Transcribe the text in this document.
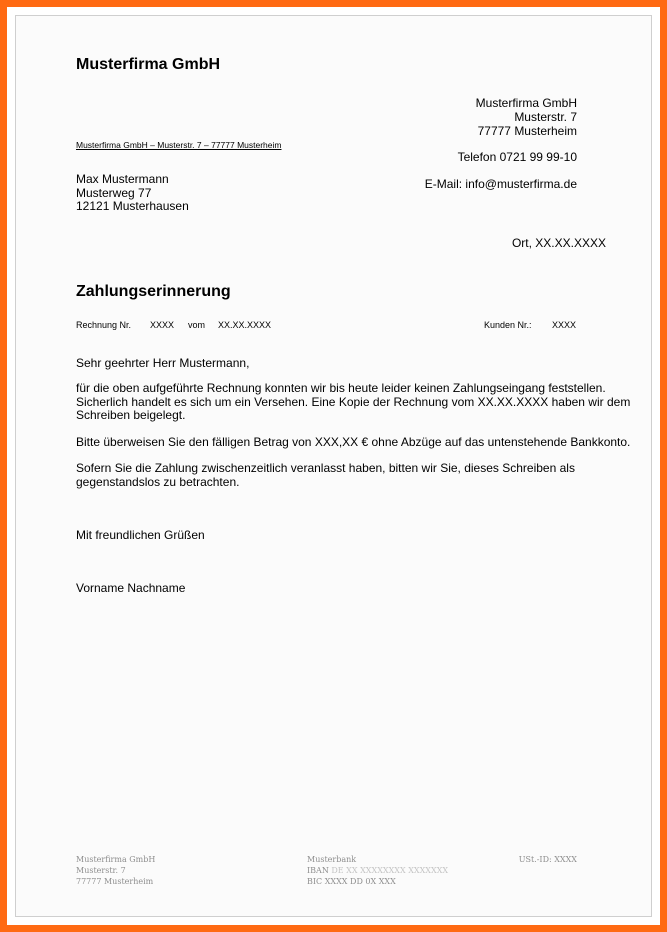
Musterfirma GmbH
Musterfirma GmbH
Musterstr. 7
77777 Musterheim
Musterfirma GmbH – Musterstr. 7 – 77777 Musterheim
Telefon 0721 99 99-10
Max Mustermann
Musterweg 77
12121 Musterhausen
E-Mail: info@musterfirma.de
Ort, XX.XX.XXXX
Zahlungserinnerung
Rechnung Nr. XXXX vom XX.XX.XXXX	Kunden Nr.: XXXX
Sehr geehrter Herr Mustermann,
für die oben aufgeführte Rechnung konnten wir bis heute leider keinen Zahlungseingang feststellen. Sicherlich handelt es sich um ein Versehen. Eine Kopie der Rechnung vom XX.XX.XXXX haben wir dem Schreiben beigelegt.
Bitte überweisen Sie den fälligen Betrag von XXX,XX € ohne Abzüge auf das untenstehende Bankkonto.
Sofern Sie die Zahlung zwischenzeitlich veranlasst haben, bitten wir Sie, dieses Schreiben als gegenstandslos zu betrachten.
Mit freundlichen Grüßen
Vorname Nachname
Musterfirma GmbH
Musterstr. 7
77777 Musterheim
Musterbank
IBAN DE XX XXXXXXXX XXXXXXX
BIC XXXX DD 0X XXX
USt.-ID: XXXX
